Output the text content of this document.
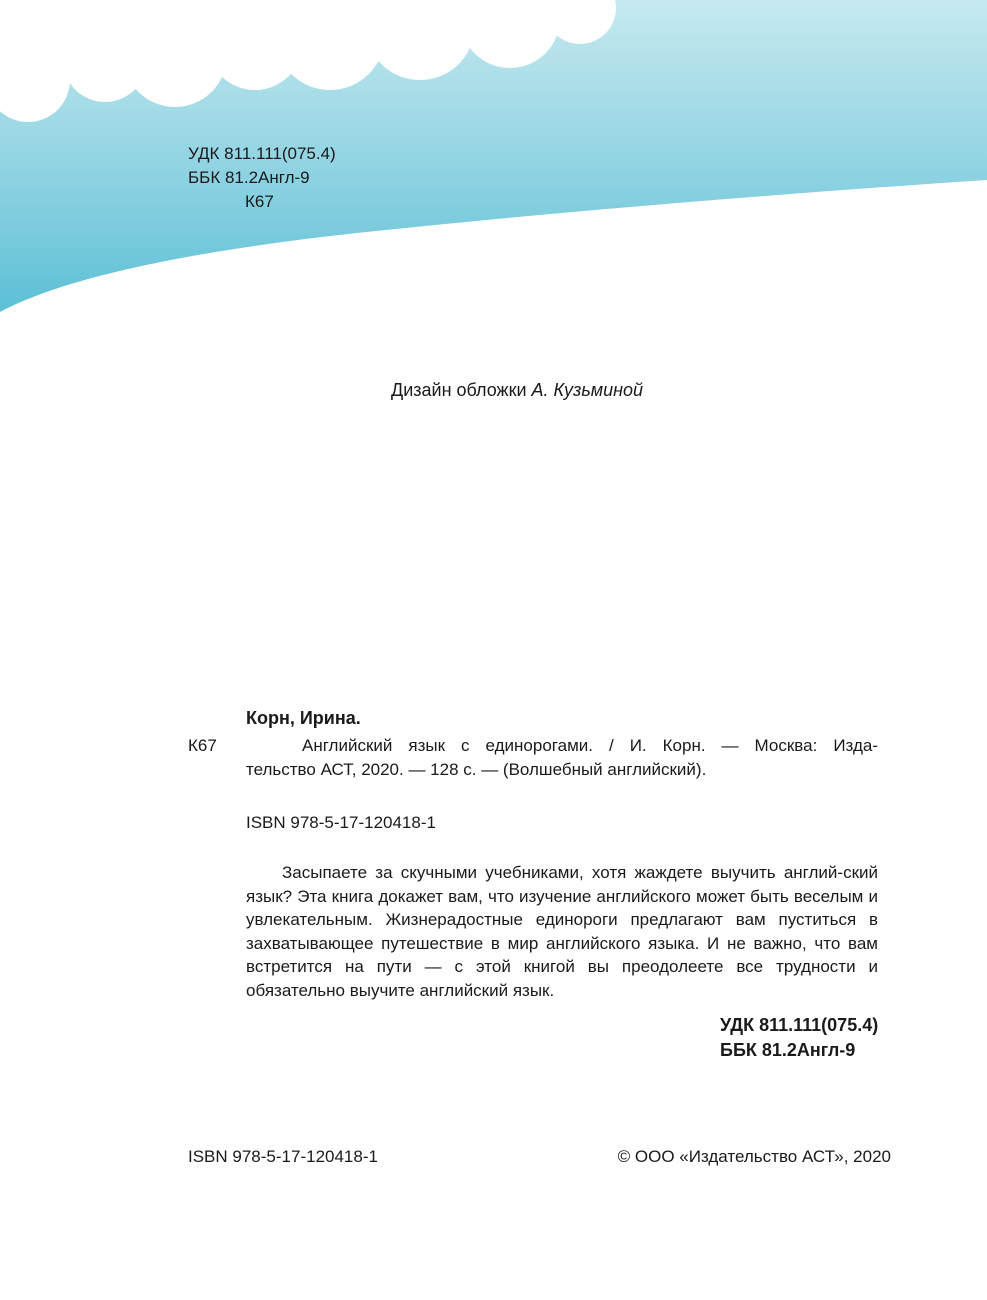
УДК 811.111(075.4)
ББК 81.2Англ-9
К67
Дизайн обложки А. Кузьминой
Корн, Ирина.
К67	Английский язык с единорогами. / И. Корн. — Москва: Изда-
тельство АСТ, 2020. — 128 с. — (Волшебный английский).
ISBN 978-5-17-120418-1

Засыпаете за скучными учебниками, хотя жаждете выучить англий-ский язык? Эта книга докажет вам, что изучение английского может быть веселым и увлекательным. Жизнерадостные единороги предлагают вам пуститься в захватывающее путешествие в мир английского языка. И не важно, что вам встретится на пути — с этой книгой вы преодолеете все трудности и обязательно выучите английский язык.

УДК 811.111(075.4)
ББК 81.2Англ-9
ISBN 978-5-17-120418-1	© ООО «Издательство АСТ», 2020
